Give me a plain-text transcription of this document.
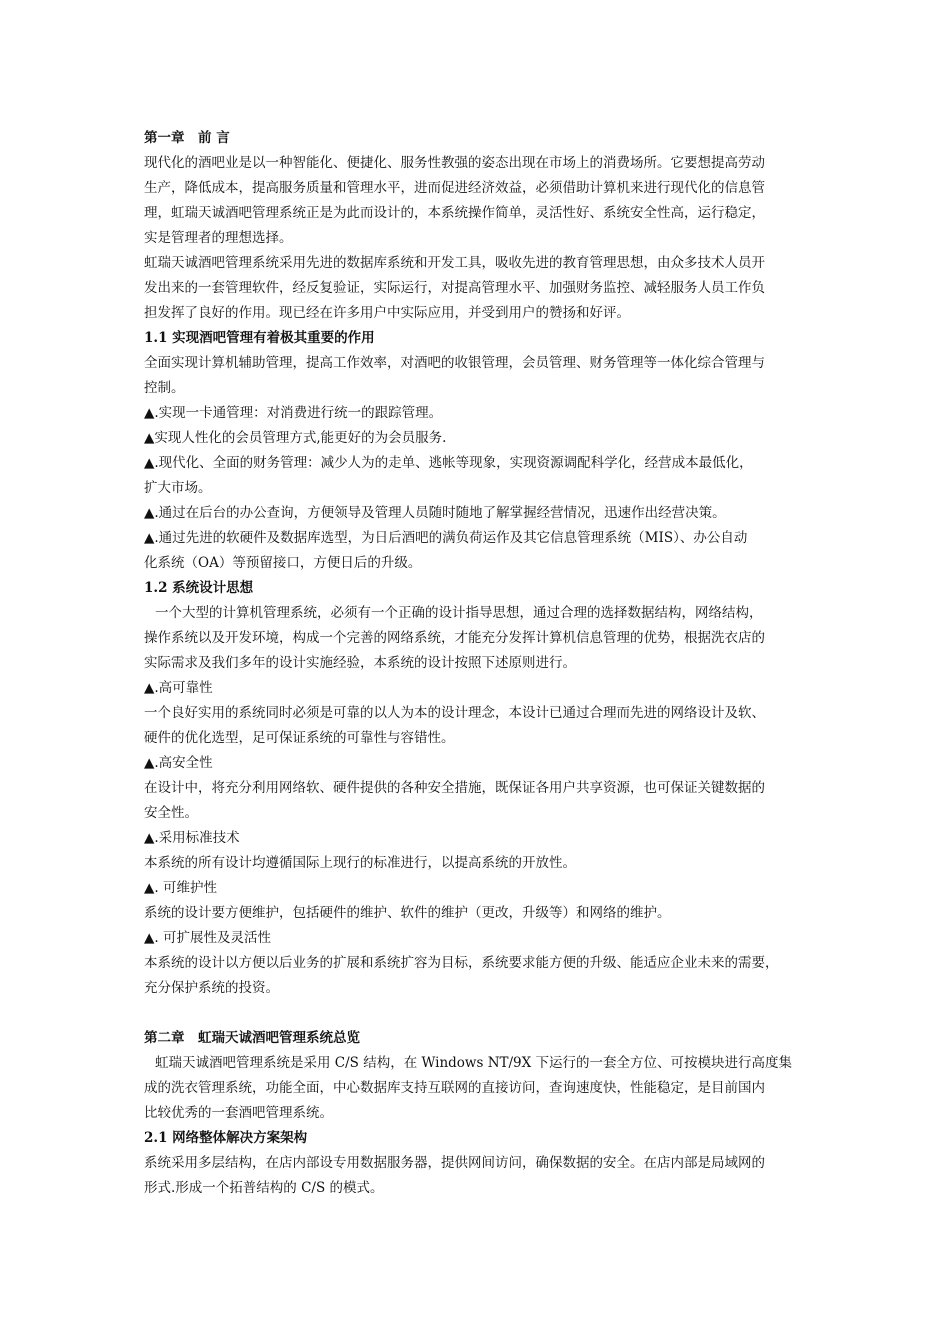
第一章　前 言
现代化的酒吧业是以一种智能化、便捷化、服务性教强的姿态出现在市场上的消费场所。它要想提高劳动
生产，降低成本，提高服务质量和管理水平，进而促进经济效益，必须借助计算机来进行现代化的信息管
理，虹瑞天诚酒吧管理系统正是为此而设计的，本系统操作简单，灵活性好、系统安全性高，运行稳定，
实是管理者的理想选择。
虹瑞天诚酒吧管理系统采用先进的数据库系统和开发工具，吸收先进的教育管理思想，由众多技术人员开
发出来的一套管理软件，经反复验证，实际运行，对提高管理水平、加强财务监控、减轻服务人员工作负
担发挥了良好的作用。现已经在许多用户中实际应用，并受到用户的赞扬和好评。
1.1 实现酒吧管理有着极其重要的作用
全面实现计算机辅助管理，提高工作效率，对酒吧的收银管理，会员管理、财务管理等一体化综合管理与
控制。
▲.实现一卡通管理：对消费进行统一的跟踪管理。
▲实现人性化的会员管理方式,能更好的为会员服务.
▲.现代化、全面的财务管理：减少人为的走单、逃帐等现象，实现资源调配科学化，经营成本最低化，
扩大市场。
▲.通过在后台的办公查询，方便领导及管理人员随时随地了解掌握经营情况，迅速作出经营决策。
▲.通过先进的软硬件及数据库选型，为日后酒吧的满负荷运作及其它信息管理系统（MIS）、办公自动
化系统（OA）等预留接口，方便日后的升级。
1.2 系统设计思想
一个大型的计算机管理系统，必须有一个正确的设计指导思想，通过合理的选择数据结构，网络结构，
操作系统以及开发环境，构成一个完善的网络系统，才能充分发挥计算机信息管理的优势，根据洗衣店的
实际需求及我们多年的设计实施经验，本系统的设计按照下述原则进行。
▲.高可靠性
一个良好实用的系统同时必须是可靠的以人为本的设计理念，本设计已通过合理而先进的网络设计及软、
硬件的优化选型，足可保证系统的可靠性与容错性。
▲.高安全性
在设计中，将充分利用网络软、硬件提供的各种安全措施，既保证各用户共享资源，也可保证关键数据的
安全性。
▲.采用标准技术
本系统的所有设计均遵循国际上现行的标准进行，以提高系统的开放性。
▲. 可维护性
系统的设计要方便维护，包括硬件的维护、软件的维护（更改，升级等）和网络的维护。
▲. 可扩展性及灵活性
本系统的设计以方便以后业务的扩展和系统扩容为目标，系统要求能方便的升级、能适应企业未来的需要，
充分保护系统的投资。
第二章　虹瑞天诚酒吧管理系统总览
虹瑞天诚酒吧管理系统是采用 C/S 结构，在 Windows NT/9X 下运行的一套全方位、可按模块进行高度集
成的洗衣管理系统，功能全面，中心数据库支持互联网的直接访问，查询速度快，性能稳定，是目前国内
比较优秀的一套酒吧管理系统。
2.1 网络整体解决方案架构
系统采用多层结构，在店内部设专用数据服务器，提供网间访问，确保数据的安全。在店内部是局域网的
形式.形成一个拓普结构的 C/S 的模式。
